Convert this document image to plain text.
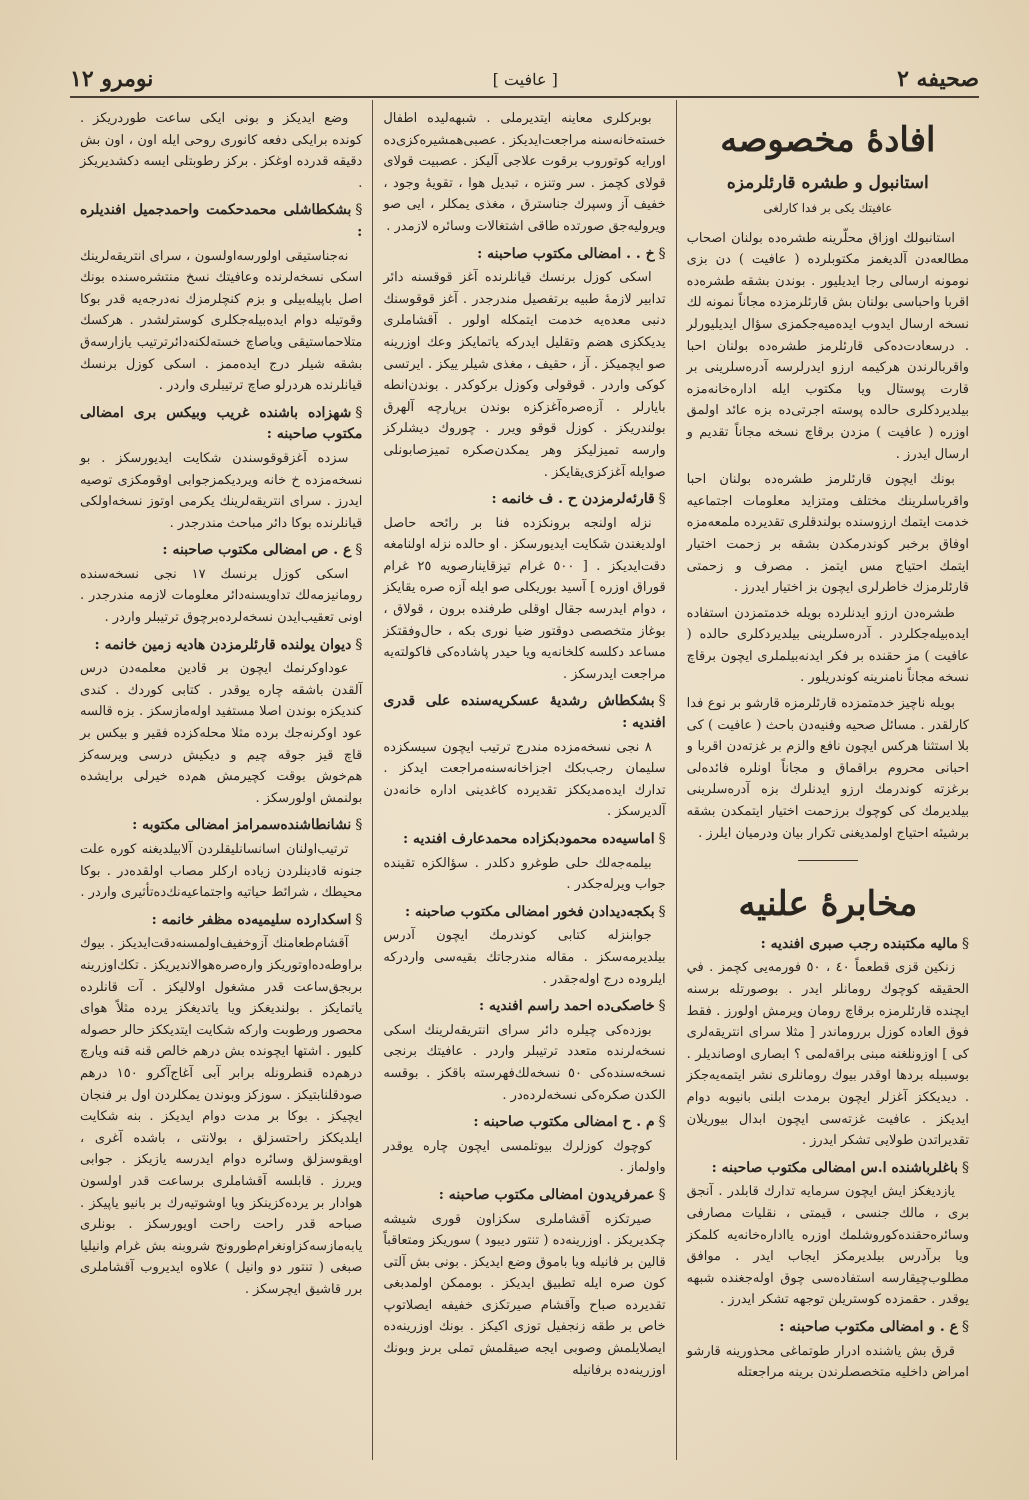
صحيفه ٢
[ عافيت ]
نومرو ١٢
افادۀ مخصوصه
استانبول و طشره قارئلرمزه
عافيتك يكى بر فدا كارلغى

استانبولك اوزاق محلّرينه طشره‌ده بولنان اصحاب مطالعه‌دن آلديغمز مكتوبلرده ( عافيت ) دن بزى نومونه ارسالى رجا ايديليور . بوندن بشقه طشره‌ده اقربا واحباسى بولنان بش قارئلرمزده مجاناً نمونه لك نسخه ارسال ايدوب ايده‌ميه‌جكمزى سؤال ايديليورلر . درسعادت‌ده‌كى قارئلرمز طشره‌ده بولنان احبا واقربالرندن هركيمه ارزو ايدرلرسه آدره‌سلرينى بر قارت پوستال ويا مكتوب ايله اداره‌خانه‌مزه بيلديردكلرى حالده پوسته اجرتى‌ده بزه عائد اولمق اوزره ( عافيت ) مزدن برقاچ نسخه مجاناً تقديم و ارسال ايدرز .

بونك ايچون قارئلرمز طشره‌ده بولنان احبا واقرباسلرينك مختلف ومتزايد معلومات اجتماعيه خدمت ايتمك ارزوسنده بولندقلرى تقديرده ملمعه‌مزه اوفاق برخبر كوندرمكدن بشقه بر زحمت اختيار ايتمك احتياج مس ايتمز . مصرف و زحمتى قارئلرمزك خاطرلرى ايچون بز اختيار ايدرز .

طشره‌دن ارزو ايدنلرده بويله خدمتمزدن استفاده ايده‌بيله‌جكلردر . آدره‌سلرينى بيلديردكلرى حالده ( عافيت ) مز حقنده بر فكر ايدنه‌بيلملرى ايچون برقاچ نسخه مجاناً نامنرينه كوندريلور .

بويله ناچيز خدمتمزده قارئلرمزه قارشو بر نوع فدا كارلقدر . مسائل صحيه وفنيه‌دن باحث ( عافيت ) كى بلا استثنا هركس ايچون نافع والزم بر غزته‌دن اقربا و احبانى محروم براقماق و مجاناً اونلره فائده‌لى برغزته كوندرمك ارزو ايدنلرك بزه آدره‌سلرينى بيلديرمك كى كوچوك برزحمت اختيار ايتمكدن بشقه برشيئه احتياج اولمديغنى تكرار بيان ودرميان ايلرز .

مخابرۀ علنيه
§ماليه مكتبنده رجب صبرى افنديه :

زنكين قزى قطعماً ٤٠ ، ٥٠ فورمه‌يى كچمز . في الحقيقه كوچوك رومانلر ايدر . بوصورتله برسنه ايچنده قارئلرمزه برقاچ رومان ويرمش اولورز . فقط فوق العاده كوزل برروماندر [ مثلا سراى انتريقه‌لرى كى ] اوزونلغنه مبنى براقه‌لمى ؟ ابصارى اوصانديلر . بوسببله بردها اوقدر بيوك رومانلرى نشر ايتمه‌يه‌جكز . ديديككز آغزلر ايچون برمدت ابلنى بانيوبه دوام ايديكز . عافيت غزته‌سى ايچون ابدال بيوريلان تقديراتدن طولايى تشكر ايدرز .

§باغلرباشنده ا.س امضالى مكتوب صاحبنه :

يازديغكز ايش ايچون سرمايه تدارك قابلدر . آنجق برى ، مالك جنسى ، قيمتى ، نقليات مصارفى وسائره‌حقنده‌كوروشلمك اوزره يااداره‌خانه‌يه كلمكز ويا برآدرس بيلديرمكز ايجاب ايدر . موافق مطلوب‌چيقارسه استفاده‌سى چوق اوله‌جغنده شبهه يوقدر . حقمزده كوستريلن توجهه تشكر ايدرز .

§ع . و امضالى مكتوب صاحبنه :

قرق بش ياشنده ادرار طوتماغى محذورينه قارشو امراض داخليه متخصصلرندن برينه مراجعتله

بوبركلرى معاينه ايتديرملى . شبهه‌ليده اطفال خسته‌خانه‌سنه مراجعت‌ايديكز . عصبى‌همشيره‌كزى‌ده اورايه كوتوروب برقوت علاجى آليكز . عصبيت قولاى قولاى كچمز . سر وتنزه ، تبديل هوا ، تقويۀ وجود ، خفيف آز وسپرك جناسترق ، مغذى يمكلر ، ايى صو ويروليه‌جق صورتده طاقى اشتغالات وسائره لازمدر .

§خ . . امضالى مكتوب صاحبنه :

اسكى كوزل برنسك قيانلرنده آغز قوقسنه دائر تدابير لازمۀ طبيه برتفصيل مندرجدر . آغز قوقوسنك دنبى معده‌يه خدمت ايتمكله اولور . آقشاملرى يديككزى هضم وتقليل ايدركه ياتمايكز وعك اوزرينه صو ايچميكز . آز ، حقيف ، مغذى شيلر ييكز . ايرتسى كوكى واردر . قوقولى وكوزل بركوكدر . بوندن‌انطه بايارلر . آزه‌صره‌آغزكزه بوندن برپارچه آلهرق بولندريكز . كوزل قوقو ويرر . چوروك ديشلركز وارسه تميزليكز وهر يمكدن‌صكره تميزصابونلى صوايله آغزكزى‌يقايكز .

§قارئه‌لرمزدن ح . ف خانمه :

نزله اولنجه برونكزده فنا بر رائحه حاصل اولديغندن شكايت ايديورسكز . او حالده نزله اولنامغه دقت‌ايديكز . [ ٥٠٠ غرام تيزقاينارصويه ٢٥ غرام قوراق اوزره ] آسيد بوريكلى صو ايله آزه صره يقايكز ، دوام ايدرسه جقال اوقلى طرفنده برون ، قولاق ، بوغاز متخصصى دوقتور ضيا نورى بكه ، حال‌وفقتكز مساعد دكلسه كلخانه‌يه ويا حيدر پاشاده‌كى فاكولته‌يه مراجعت ايدرسكز .

§بشكطاش رشديۀ عسكريه‌سنده على قدرى افنديه :

٨ نجى نسخه‌مزده مندرج ترتيب ايچون سيسكزده سليمان رجب‌بكك اجزاخانه‌سنه‌مراجعت ايدكز . تدارك ايده‌مديككز تقديرده كاغدينى اداره خانه‌دن آلديرسكز .

§اماسيه‌ده محمودبكزاده محمدعارف افنديه :

بيلمه‌جه‌لك حلى طوغرو دكلدر . سؤالكزه تقينده جواب ويرله‌جكدر .

§بكجه‌ديدادن فخور امضالى مكتوب صاحبنه :

جوابنزله كتابى كوندرمك ايچون آدرس بيلديرمه‌سكز . مقاله‌ مندرجاتك بقيه‌سى واردركه ايلروده درج اوله‌جقدر .

§خاصكى‌ده احمد راسم افنديه :

بوزده‌كى چيلره دائر سراى انتريقه‌لرينك اسكى نسخه‌لرنده متعدد ترتيبلر واردر . عافيتك برنجى نسخه‌سنده‌كى ٥٠ نسخه‌لك‌فهرسته باقكز . بوقسه الكدن صكره‌كى نسخه‌لرده‌در .

§م . ح امضالى مكتوب صاحبنه :

كوچوك كوزلرك بيوتلمسى ايچون چاره يوقدر واولماز .

§عمرفريدون امضالى مكتوب صاحبنه :

صيرتكزه آقشاملرى سكزاون قورى شيشه چكديريكز . اوزرينه‌ده ( تنتور ديبود ) سوريكز ومتعاقباً قالين بر فانيله ويا باموق وضع ايديكز . بونى بش آلتى كون صره ايله تطبيق ايديكز . بوممكن اولمدبغى تقديرده صباح وآقشام صيرتكزى خفيفه ايصلاتوپ خاص بر طقه زنجفيل توزى اكيكز . بونك اوزرينه‌ده ايصلايلمش وصوبى ايجه صيقلمش تملى برىز وبونك اوزرينه‌ده برفانيله

وضع ايديكز و بونى ايكى ساعت طوردريكز . كونده برايكى دفعه كانورى روحى ايله اون ، اون بش دقيقه قدرده اوغكز . بركز رطوبتلى ايسه دكشديريكز .

§بشكطاشلى محمدحكمت واحمدجميل افنديلره :

نه‌جناستيقى اولورسه‌اولسون ، سراى انتريقه‌لرينك اسكى نسخه‌لرنده وعافيتك نسخ منتشره‌سنده بونك اصل باپيله‌بيلى و بزم كنچلرمزك نه‌درجه‌يه قدر بوكا وقوتيله دوام ايده‌بيله‌جكلرى كوسترلشدر . هركسك متلاحماستيقى وياصاچ خسته‌لكنه‌دائرترتيب يازارسه‌ق بشقه شيلر درج ايده‌ممز . اسكى كوزل برنسك قيانلرنده هردرلو صاچ ترتيبلرى واردر .

§شهزاده باشنده غريب وبيكس برى امضالى مكتوب صاحبنه :

سزده آغزقوقوسندن شكايت ايديورسكز . بو نسخه‌مزده خ خانه ويرديكمزجوابى اوقومكزى توصيه ايدرز . سراى انتريقه‌لرينك يكرمى اوتوز نسخه‌اولكى قيانلرنده بوكا دائر مباحث مندرجدر .

§ع . ص امضالى مكتوب صاحبنه :

اسكى كوزل برنسك ١٧ نجى نسخه‌سنده رومانيزمه‌لك تداويسنه‌دائر معلومات لازمه مندرجدر . اونى تعقيب‌ايدن نسخه‌لرده‌برچوق ترتيبلر واردر .

§ديوان يولنده قارئلرمزدن هاديه زمين خانمه :

عوداوكرنمك ايچون بر قادين معلمه‌دن درس آلقدن باشقه چاره يوقدر . كتابى كوردك . كندى كنديكزه بوندن اصلا مستفيد اوله‌مازسكز . بزه قالسه عود اوكرنه‌جك برده مثلا محله‌كزده فقير و بيكس بر قاچ قيز جوقه چيم و ديكيش درسى ويرسه‌كز هم‌خوش بوقت كچيرمش هم‌ده خيرلى برايشده بولنمش اولورسكز .

§نشانطاشنده‌سمرامز امضالى مكتوبه :

ترتيب‌اولنان اسانسانليقلردن آلابيلديغنه كوره علت جنونه قادينلردن زياده اركلر مصاب اولقده‌در . بوكا محيطك ، شرائط حياتيه واجتماعيه‌نك‌ده‌تأثيرى واردر .

§اسكدارده سليميه‌ده مظفر خانمه :

آقشام‌طعامنك آزوخفيف‌اولمسنه‌دقت‌ايديكز . بيوك براوطه‌ده‌اوتوريكز واره‌صره‌هوالانديريكز . تكك‌اوزرينه‌ بربجق‌ساعت قدر مشغول اولاليكز . آت قانلرده ياتمايكز . بولنديغكز ويا ياتديغكز يرده مثلاً هواى محصور ورطوبت واركه شكايت ايتديككز حالر حصوله كليور . اشتها ايچونده بش درهم خالص قنه قنه ويارچ درهم‌ده قنطرونله برابر آبى آغاج‌آكرو ١٥٠ درهم صودقلنابتيكز . سوزكز وبوندن يمكلردن اول بر فنجان ايچيكز . بوكا بر مدت دوام ايديكز . بنه شكايت ايلديككز راحتسزلق ، بولانتى ، باشده آغرى ، اويقوسزلق وسائره دوام ايدرسه يازيكز . جوابى ويررز . قابلسه آقشاملرى برساعت قدر اولسون هوادار بر يرده‌كزينكز ويا اوشوتيه‌رك بر بانيو ياپيكز . صباحه قدر راحت راحت اويورسكز . بونلرى يابه‌مازسه‌كز‌اونغرام‌طورونج شروبنه بش غرام وانيليا صبغى ( تنتور دو وانيل ) علاوه ايديروب آقشاملرى برر قاشيق ايچرسكز .
